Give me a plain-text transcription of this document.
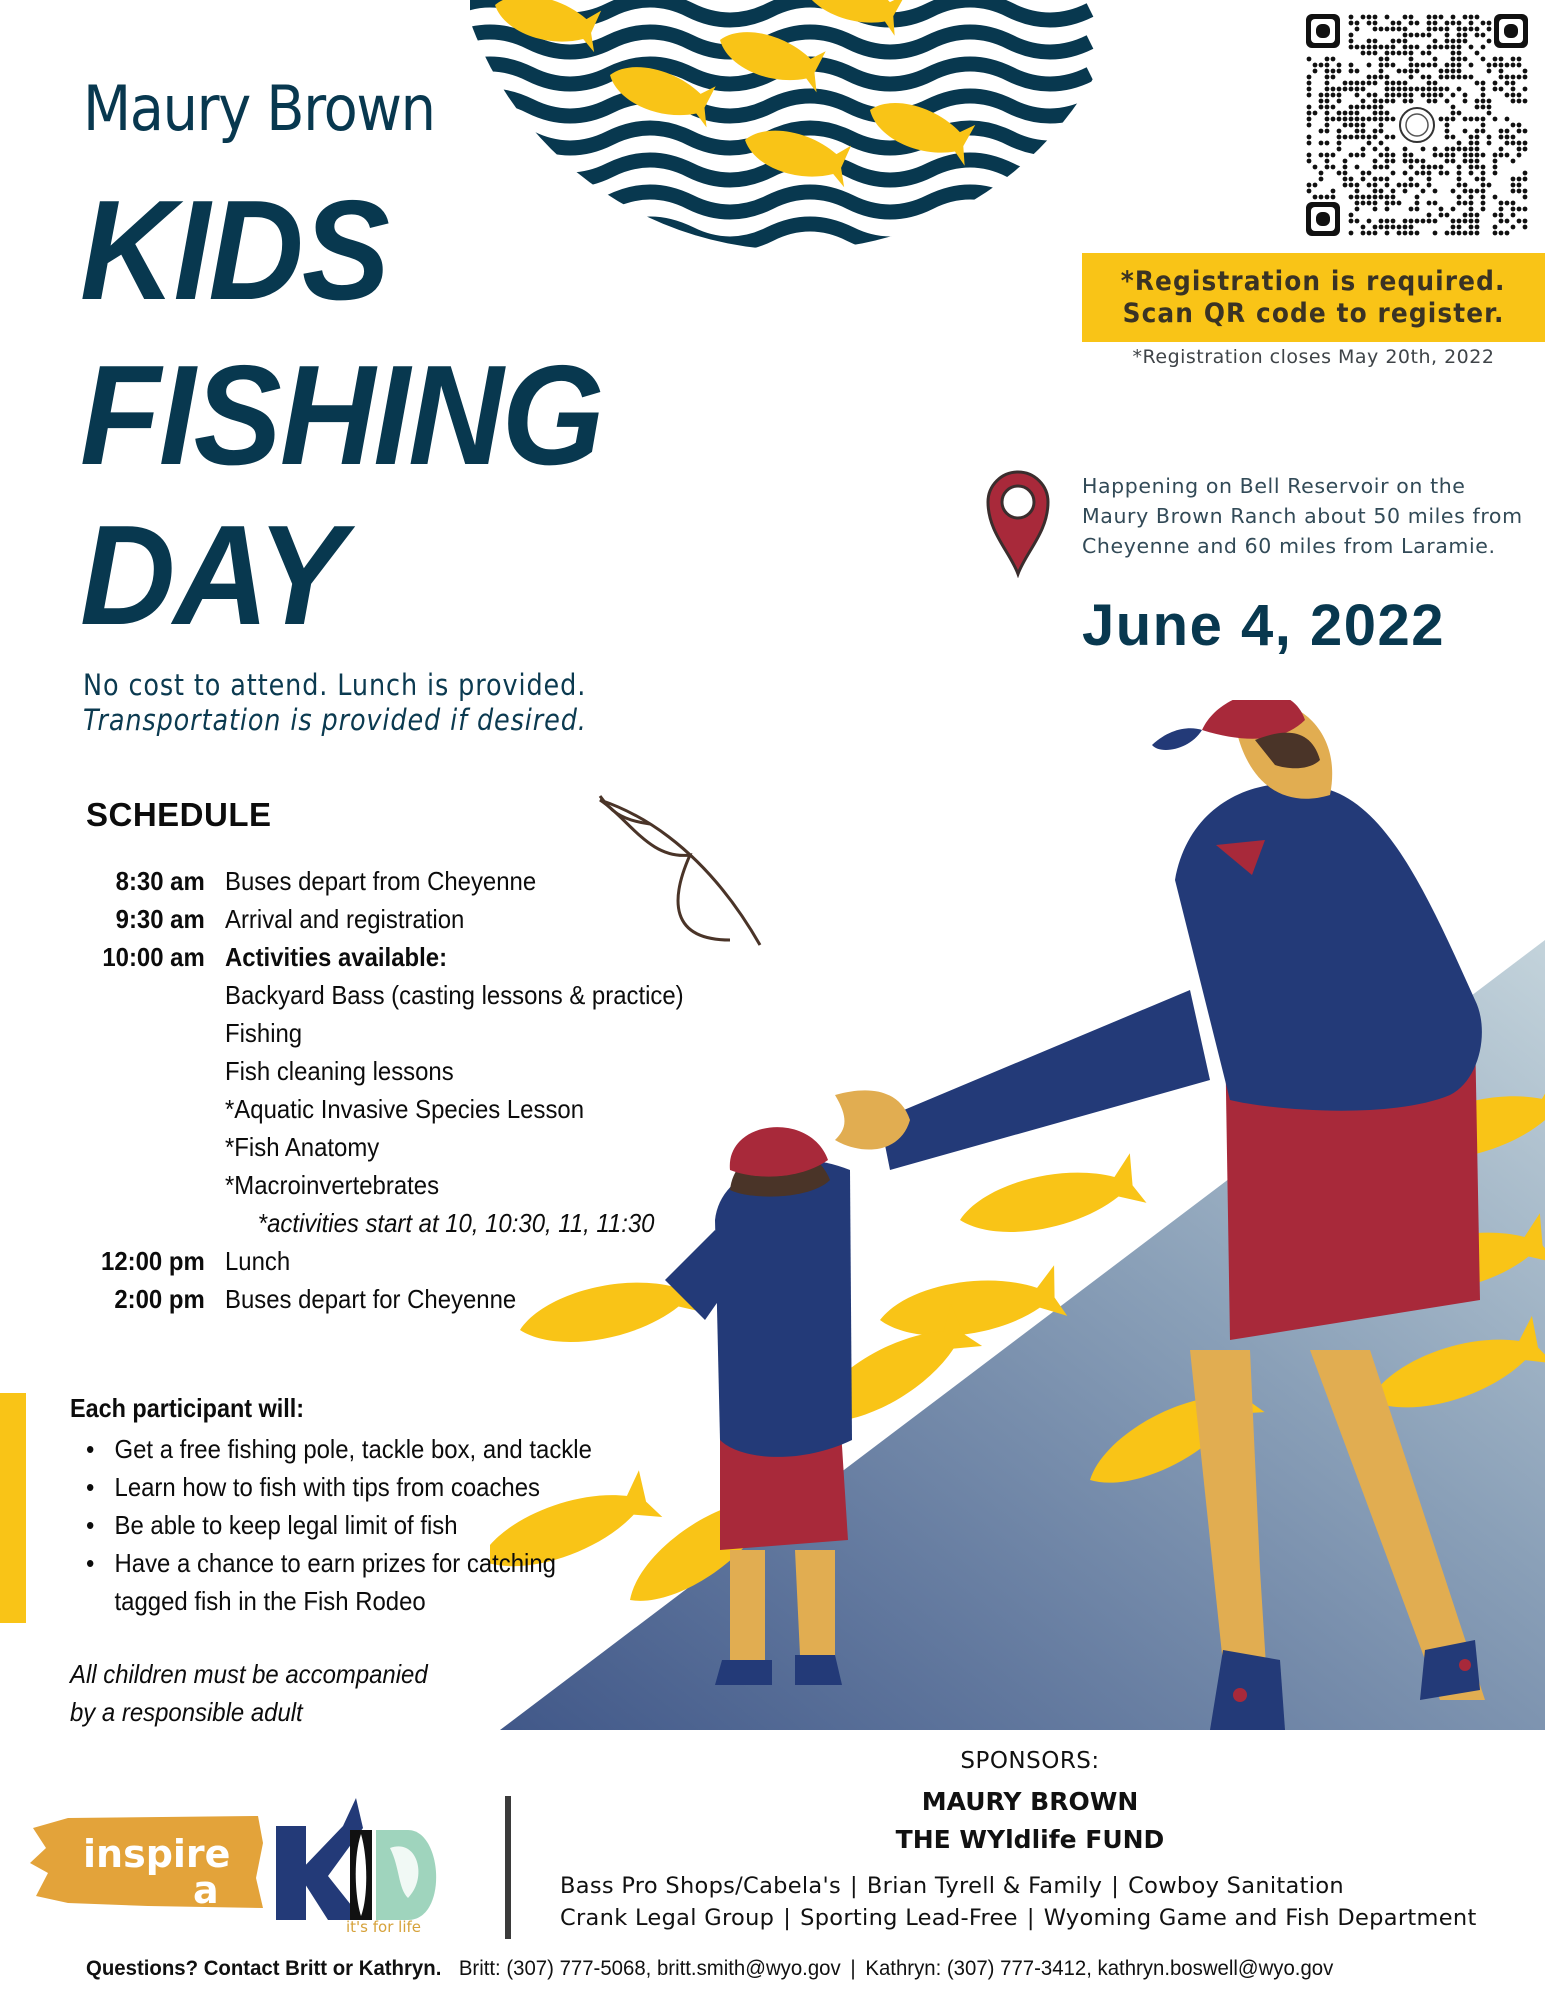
Maury Brown
KIDS
FISHING
DAY
No cost to attend. Lunch is provided.
Transportation is provided if desired.
*Registration is required.
Scan QR code to register.
*Registration closes May 20th, 2022
Happening on Bell Reservoir on the
Maury Brown Ranch about 50 miles from
Cheyenne and 60 miles from Laramie.
June 4, 2022
SCHEDULE
8:30 am Buses depart from Cheyenne
9:30 am Arrival and registration
10:00 am Activities available:
Backyard Bass (casting lessons & practice)
Fishing
Fish cleaning lessons
*Aquatic Invasive Species Lesson
*Fish Anatomy
*Macroinvertebrates
*activities start at 10, 10:30, 11, 11:30
12:00 pm Lunch
2:00 pm Buses depart for Cheyenne
Each participant will:
• Get a free fishing pole, tackle box, and tackle
• Learn how to fish with tips from coaches
• Be able to keep legal limit of fish
• Have a chance to earn prizes for catching
tagged fish in the Fish Rodeo
All children must be accompanied
by a responsible adult
inspire
a
it's for life
SPONSORS:
MAURY BROWN
THE WYldlife FUND
Bass Pro Shops/Cabela's | Brian Tyrell & Family | Cowboy Sanitation
Crank Legal Group | Sporting Lead-Free | Wyoming Game and Fish Department
Questions? Contact Britt or Kathryn. Britt: (307) 777-5068, britt.smith@wyo.gov | Kathryn: (307) 777-3412, kathryn.boswell@wyo.gov
